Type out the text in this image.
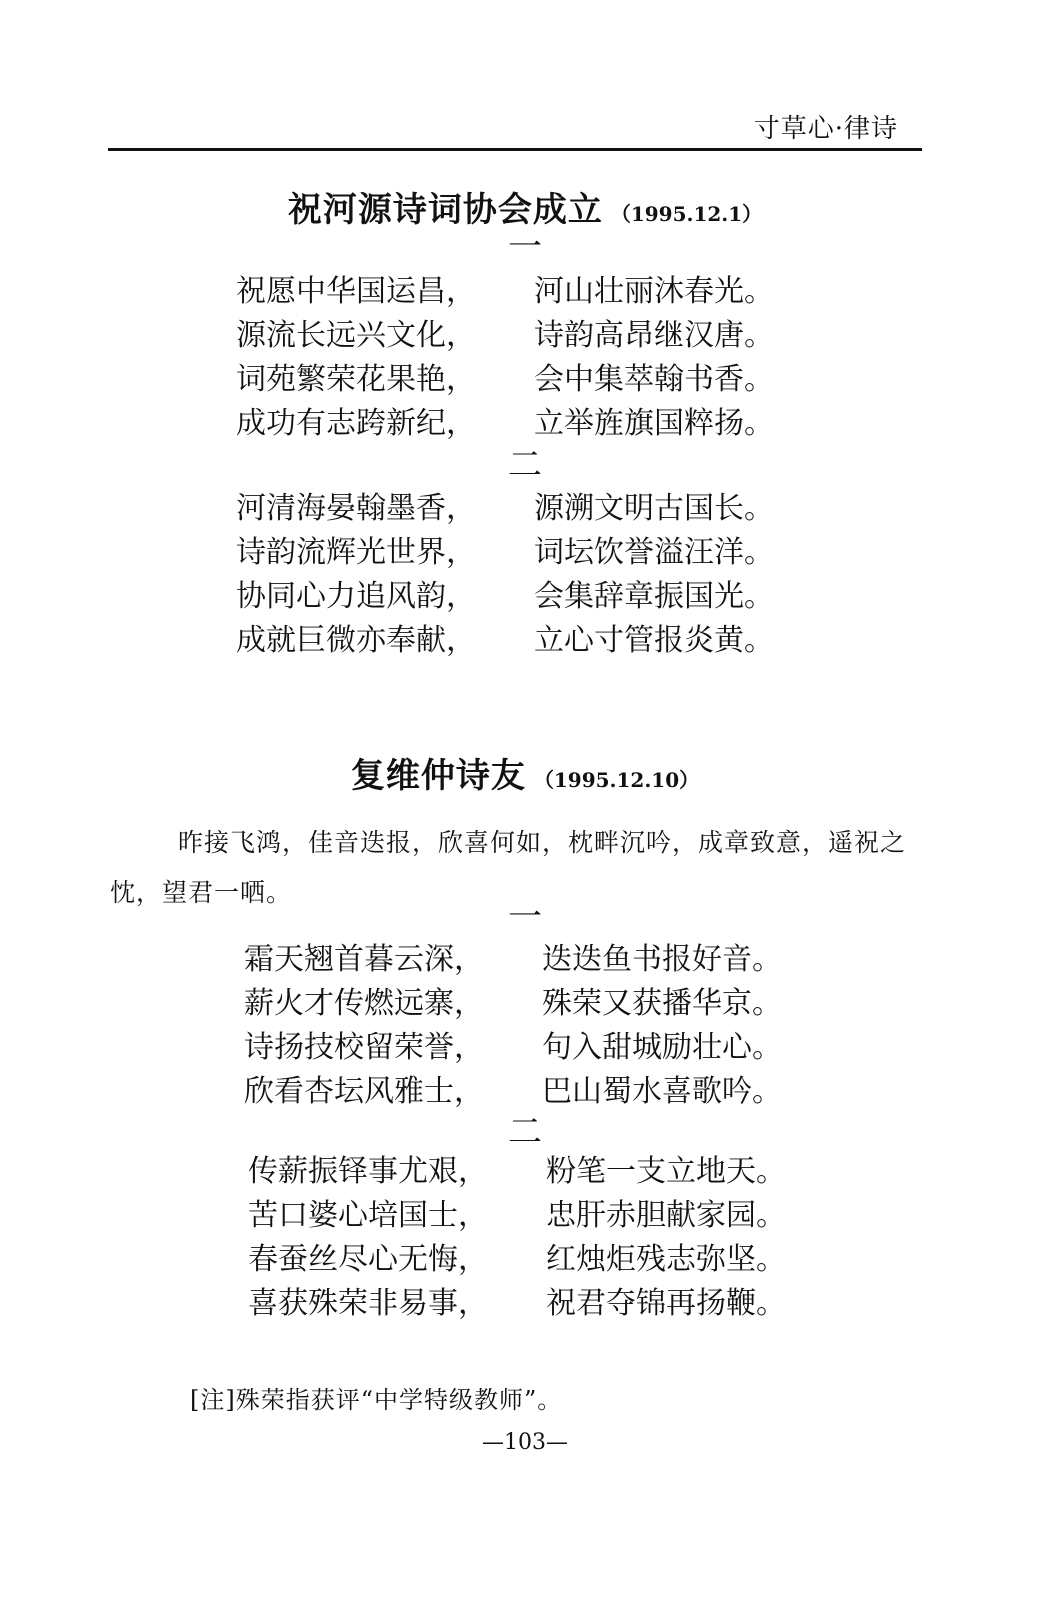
寸草心·律诗
祝河源诗词协会成立 （1995.12.1）
一
祝愿中华国运昌， 河山壮丽沐春光。
源流长远兴文化， 诗韵高昂继汉唐。
词苑繁荣花果艳， 会中集萃翰书香。
成功有志跨新纪， 立举旌旗国粹扬。
二
河清海晏翰墨香， 源溯文明古国长。
诗韵流辉光世界， 词坛饮誉溢汪洋。
协同心力追风韵， 会集辞章振国光。
成就巨微亦奉献， 立心寸管报炎黄。
复维仲诗友 （1995.12.10）
昨接飞鸿，佳音迭报，欣喜何如，枕畔沉吟，成章致意，遥祝之忱，望君一哂。
一
霜天翘首暮云深， 迭迭鱼书报好音。
薪火才传燃远寨， 殊荣又获播华京。
诗扬技校留荣誉， 句入甜城励壮心。
欣看杏坛风雅士， 巴山蜀水喜歌吟。
二
传薪振铎事尤艰， 粉笔一支立地天。
苦口婆心培国士， 忠肝赤胆献家园。
春蚕丝尽心无悔， 红烛炬残志弥坚。
喜获殊荣非易事， 祝君夺锦再扬鞭。
[注]殊荣指获评“中学特级教师”。
—103—
